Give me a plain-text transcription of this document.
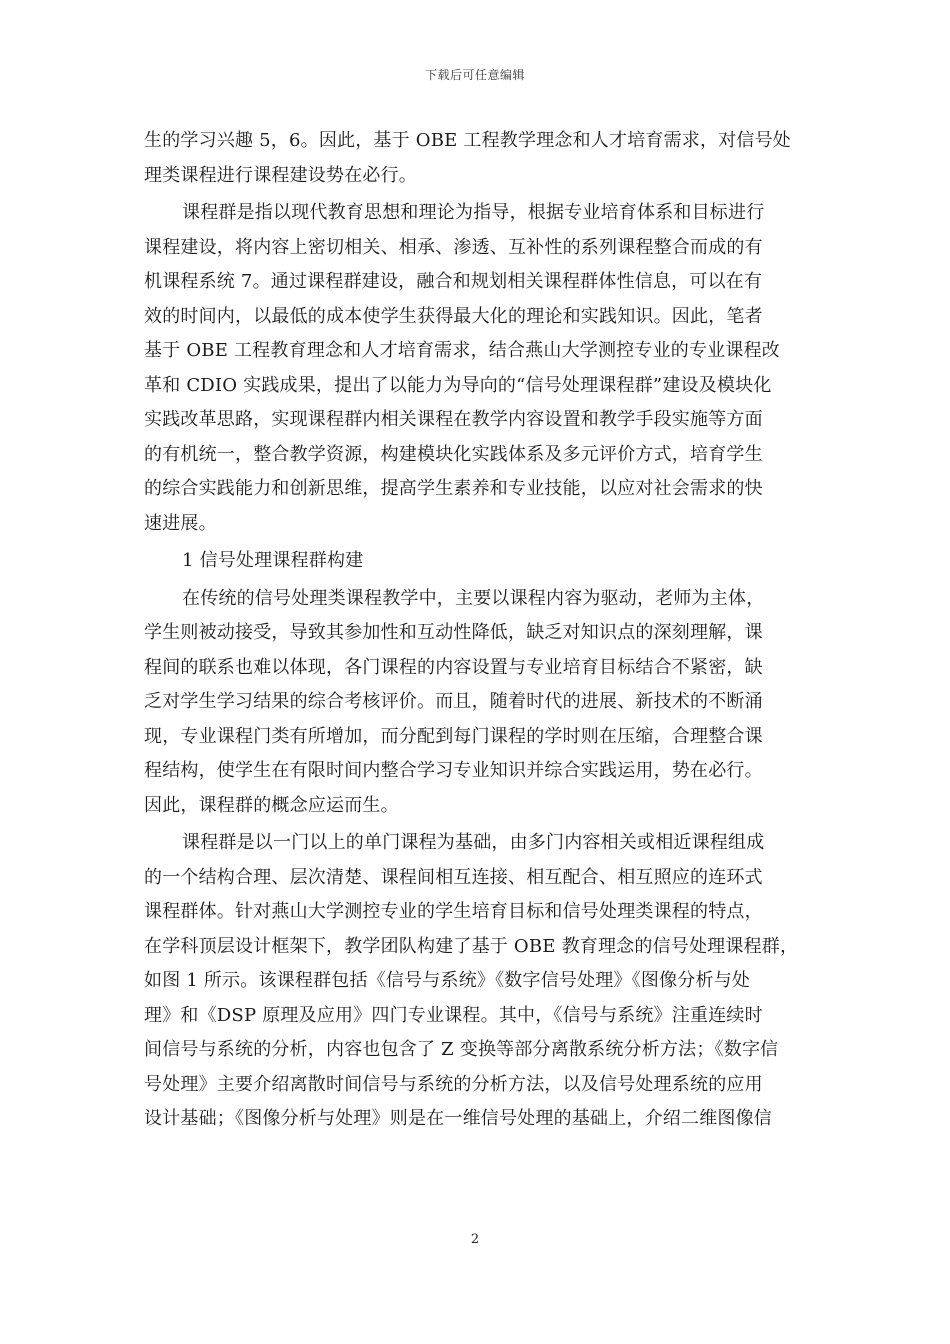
下载后可任意编辑
生的学习兴趣 5，6。因此，基于 OBE 工程教学理念和人才培育需求，对信号处
理类课程进行课程建设势在必行。
课程群是指以现代教育思想和理论为指导，根据专业培育体系和目标进行
课程建设，将内容上密切相关、相承、渗透、互补性的系列课程整合而成的有
机课程系统 7。通过课程群建设，融合和规划相关课程群体性信息，可以在有
效的时间内，以最低的成本使学生获得最大化的理论和实践知识。因此，笔者
基于 OBE 工程教育理念和人才培育需求，结合燕山大学测控专业的专业课程改
革和 CDIO 实践成果，提出了以能力为导向的“信号处理课程群”建设及模块化
实践改革思路，实现课程群内相关课程在教学内容设置和教学手段实施等方面
的有机统一，整合教学资源，构建模块化实践体系及多元评价方式，培育学生
的综合实践能力和创新思维，提高学生素养和专业技能，以应对社会需求的快
速进展。
1 信号处理课程群构建
在传统的信号处理类课程教学中，主要以课程内容为驱动，老师为主体，
学生则被动接受，导致其参加性和互动性降低，缺乏对知识点的深刻理解，课
程间的联系也难以体现，各门课程的内容设置与专业培育目标结合不紧密，缺
乏对学生学习结果的综合考核评价。而且，随着时代的进展、新技术的不断涌
现，专业课程门类有所增加，而分配到每门课程的学时则在压缩，合理整合课
程结构，使学生在有限时间内整合学习专业知识并综合实践运用，势在必行。
因此，课程群的概念应运而生。
课程群是以一门以上的单门课程为基础，由多门内容相关或相近课程组成
的一个结构合理、层次清楚、课程间相互连接、相互配合、相互照应的连环式
课程群体。针对燕山大学测控专业的学生培育目标和信号处理类课程的特点，
在学科顶层设计框架下，教学团队构建了基于 OBE 教育理念的信号处理课程群，
如图 1 所示。该课程群包括《信号与系统》《数字信号处理》《图像分析与处
理》和《DSP 原理及应用》四门专业课程。其中，《信号与系统》注重连续时
间信号与系统的分析，内容也包含了 Z 变换等部分离散系统分析方法；《数字信
号处理》主要介绍离散时间信号与系统的分析方法，以及信号处理系统的应用
设计基础；《图像分析与处理》则是在一维信号处理的基础上，介绍二维图像信
2
